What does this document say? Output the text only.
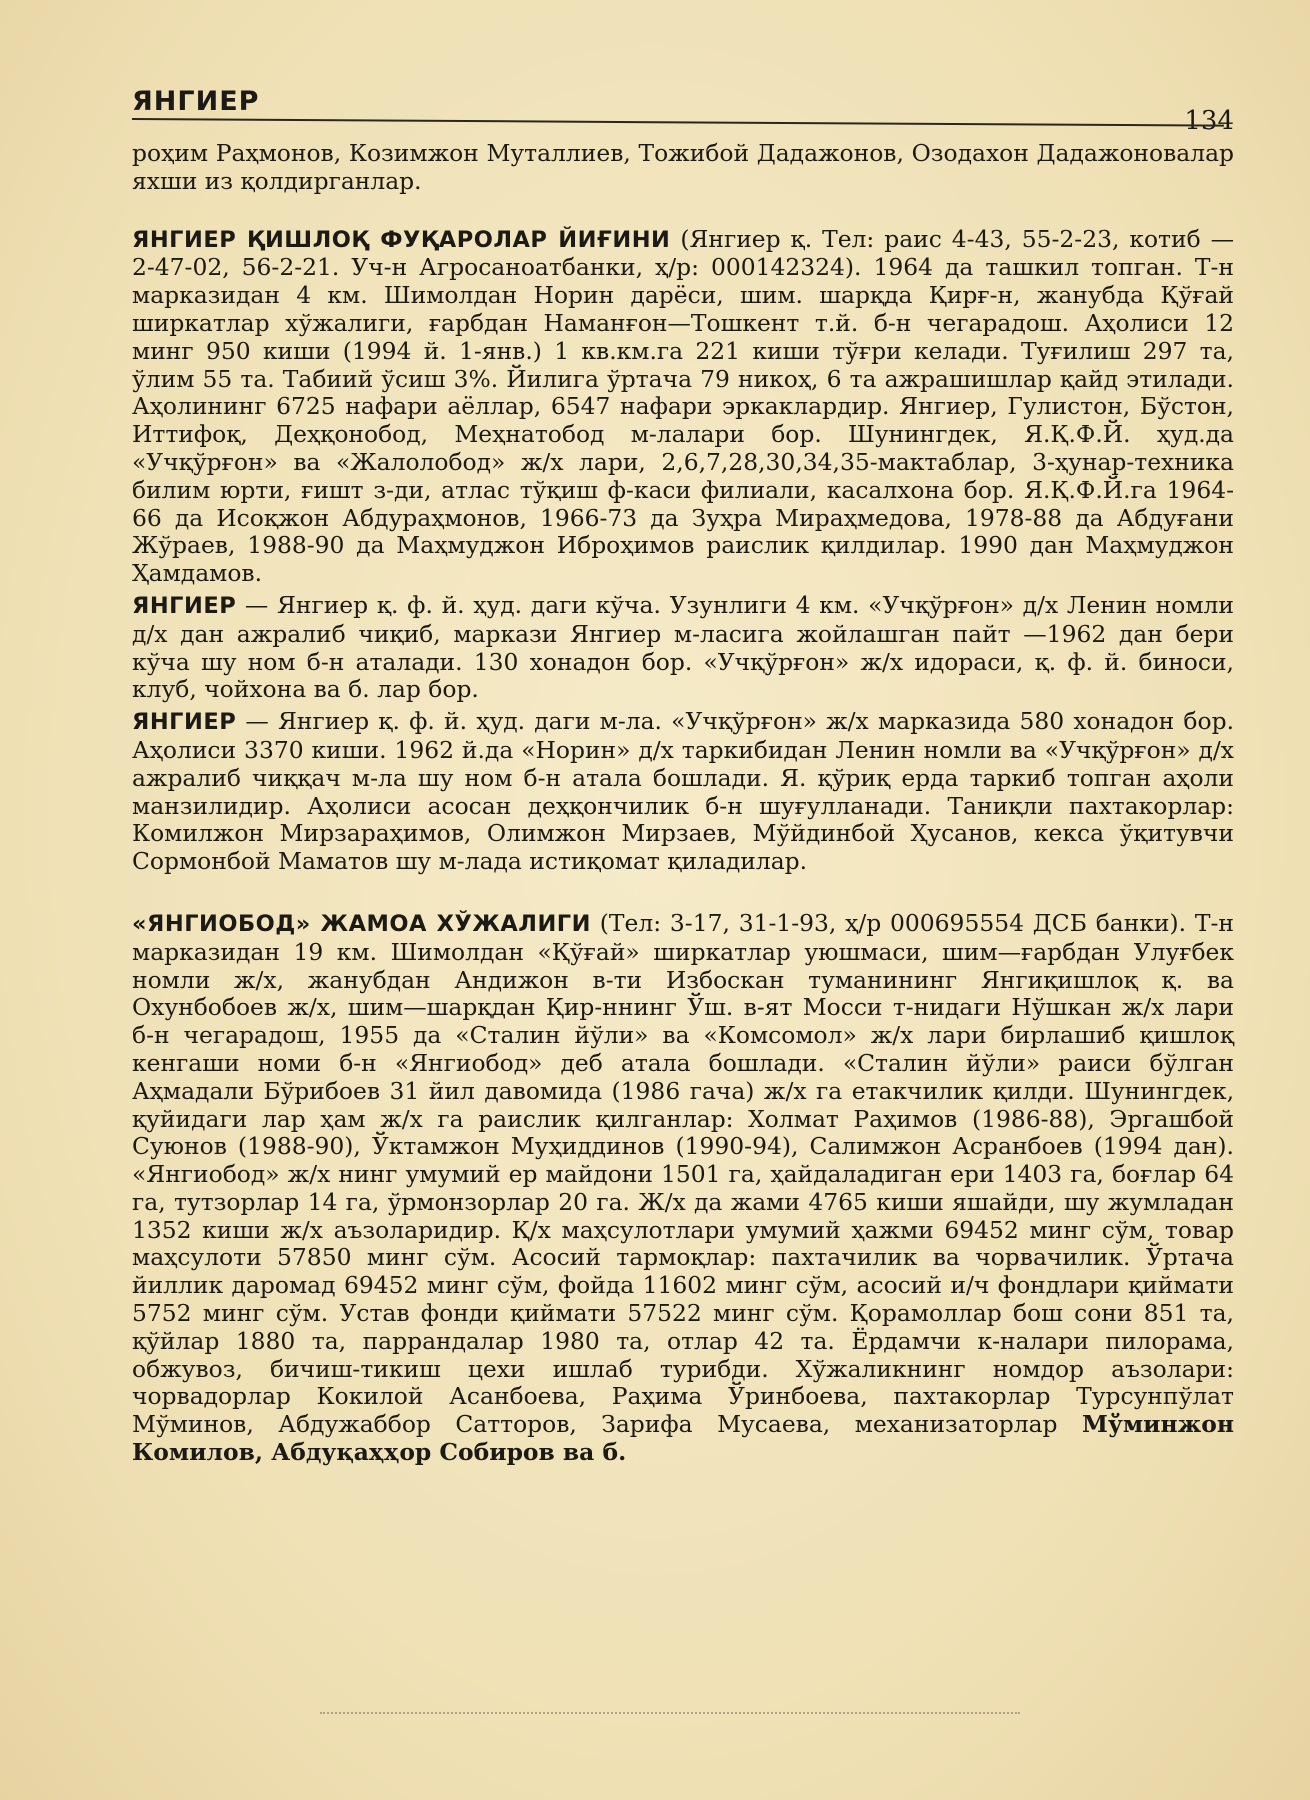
ЯНГИЕР
134

роҳим Раҳмонов, Козимжон Муталлиев, Тожибой Дадажонов, Озодахон Дадажоновалар яхши из қолдирганлар.

ЯНГИЕР ҚИШЛОҚ ФУҚАРОЛАР ЙИҒИНИ (Янгиер қ. Тел: раис 4-43, 55-2-23, котиб — 2-47-02, 56-2-21. Уч-н Агросаноатбанки, ҳ/р: 000142324). 1964 да ташкил топган. Т-н марказидан 4 км. Шимолдан Норин дарёси, шим. шарқда Қирғ-н, жанубда Қўғай ширкатлар хўжалиги, ғарбдан Наманғон—Тошкент т.й. б-н чегарадош. Аҳолиси 12 минг 950 киши (1994 й. 1-янв.) 1 кв.км.га 221 киши тўғри келади. Туғилиш 297 та, ўлим 55 та. Табиий ўсиш 3%. Йилига ўртача 79 никоҳ, 6 та ажрашишлар қайд этилади. Аҳолининг 6725 нафари аёллар, 6547 нафари эркаклардир. Янгиер, Гулистон, Бўстон, Иттифоқ, Деҳқонобод, Меҳнатобод м-лалари бор. Шунингдек, Я.Қ.Ф.Й. ҳуд.да «Учқўрғон» ва «Жалолобод» ж/х лари, 2,6,7,28,30,34,35-мактаблар, 3-ҳунар-техника билим юрти, ғишт з-ди, атлас тўқиш ф-каси филиали, касалхона бор. Я.Қ.Ф.Й.га 1964-66 да Исоқжон Абдураҳмонов, 1966-73 да Зуҳра Мираҳмедова, 1978-88 да Абдуғани Жўраев, 1988-90 да Маҳмуджон Иброҳимов раислик қилдилар. 1990 дан Маҳмуджон Ҳамдамов.

ЯНГИЕР — Янгиер қ. ф. й. ҳуд. даги кўча. Узунлиги 4 км. «Учқўрғон» д/х Ленин номли д/х дан ажралиб чиқиб, маркази Янгиер м-ласига жойлашган пайт —1962 дан бери кўча шу ном б-н аталади. 130 хонадон бор. «Учқўрғон» ж/х идораси, қ. ф. й. биноси, клуб, чойхона ва б. лар бор.

ЯНГИЕР — Янгиер қ. ф. й. ҳуд. даги м-ла. «Учқўрғон» ж/х марказида 580 хонадон бор. Аҳолиси 3370 киши. 1962 й.да «Норин» д/х таркибидан Ленин номли ва «Учқўрғон» д/х ажралиб чиққач м-ла шу ном б-н атала бошлади. Я. қўриқ ерда таркиб топган аҳоли манзилидир. Аҳолиси асосан деҳқончилик б-н шуғулланади. Таниқли пахтакорлар: Комилжон Мирзараҳимов, Олимжон Мирзаев, Мўйдинбой Ҳусанов, кекса ўқитувчи Сормонбой Маматов шу м-лада истиқомат қиладилар.

«ЯНГИОБОД» ЖАМОА ХЎЖАЛИГИ (Тел: 3-17, 31-1-93, ҳ/р 000695554 ДСБ банки). Т-н марказидан 19 км. Шимолдан «Қўғай» ширкатлар уюшмаси, шим—ғарбдан Улуғбек номли ж/х, жанубдан Андижон в-ти Избоскан туманининг Янгиқишлоқ қ. ва Охунбобоев ж/х, шим—шарқдан Қир-ннинг Ўш. в-ят Мосси т-нидаги Нўшкан ж/х лари б-н чегарадош, 1955 да «Сталин йўли» ва «Комсомол» ж/х лари бирлашиб қишлоқ кенгаши номи б-н «Янгиобод» деб атала бошлади. «Сталин йўли» раиси бўлган Аҳмадали Бўрибоев 31 йил давомида (1986 гача) ж/х га етакчилик қилди. Шунингдек, қуйидаги лар ҳам ж/х га раислик қилганлар: Холмат Раҳимов (1986-88), Эргашбой Суюнов (1988-90), Ўктамжон Муҳиддинов (1990-94), Салимжон Асранбоев (1994 дан). «Янгиобод» ж/х нинг умумий ер майдони 1501 га, ҳайдаладиган ери 1403 га, боғлар 64 га, тутзорлар 14 га, ўрмонзорлар 20 га. Ж/х да жами 4765 киши яшайди, шу жумладан 1352 киши ж/х аъзоларидир. Қ/х маҳсулотлари умумий ҳажми 69452 минг сўм, товар маҳсулоти 57850 минг сўм. Асосий тармоқлар: пахтачилик ва чорвачилик. Ўртача йиллик даромад 69452 минг сўм, фойда 11602 минг сўм, асосий и/ч фондлари қиймати 5752 минг сўм. Устав фонди қиймати 57522 минг сўм. Қорамоллар бош сони 851 та, қўйлар 1880 та, паррандалар 1980 та, отлар 42 та. Ёрдамчи к-налари пилорама, обжувоз, бичиш-тикиш цехи ишлаб турибди. Хўжаликнинг номдор аъзолари: чорвадорлар Кокилой Асанбоева, Раҳима Ўринбоева, пахтакорлар Турсунпўлат Мўминов, Абдужаббор Сатторов, Зарифа Мусаева, механизаторлар Мўминжон Комилов, Абдуқаҳҳор Собиров ва б.
